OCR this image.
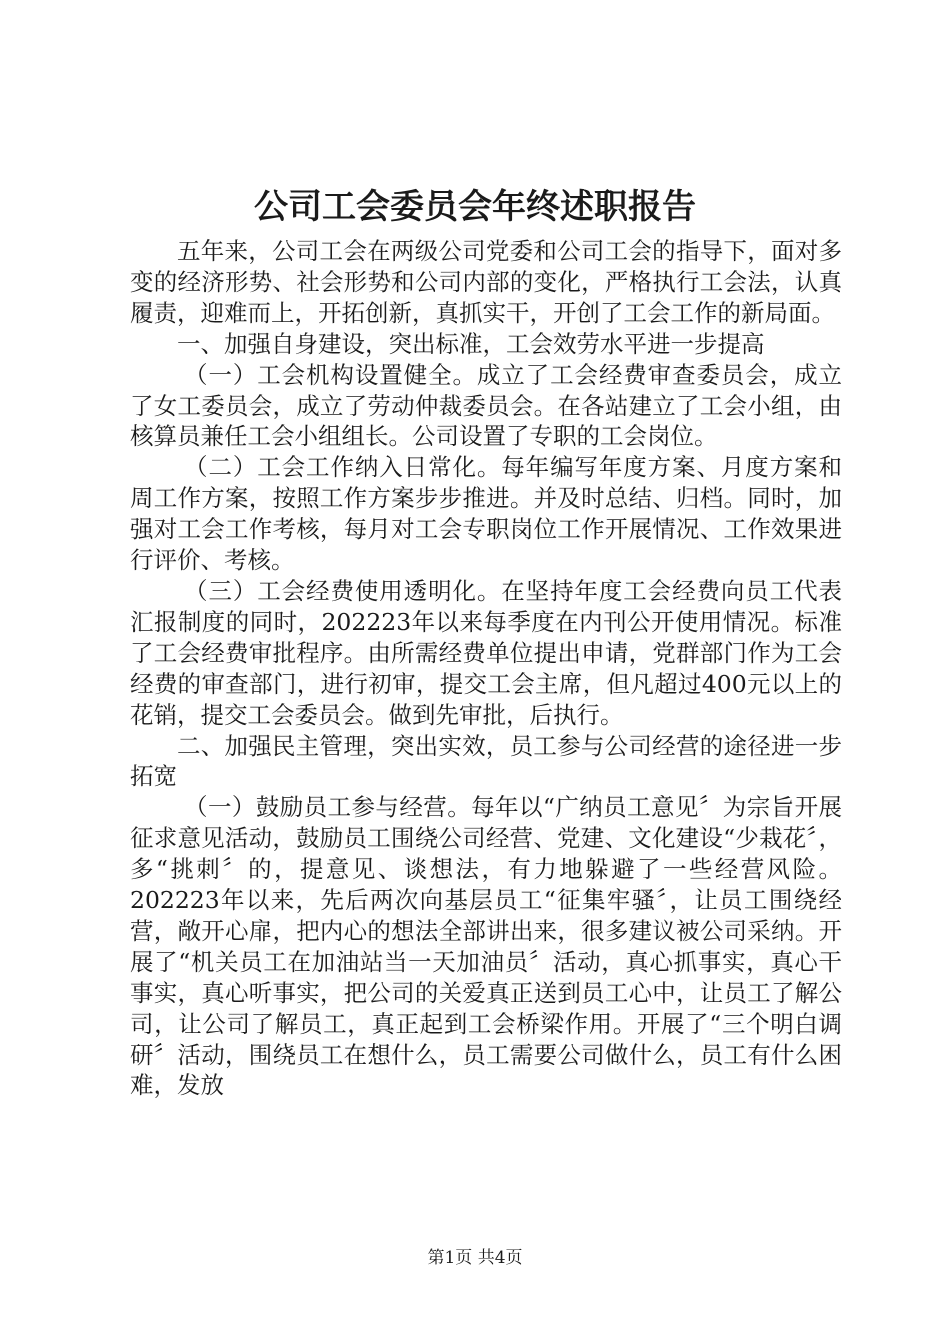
公司工会委员会年终述职报告

五年来，公司工会在两级公司党委和公司工会的指导下，面对多变的经济形势、社会形势和公司内部的变化，严格执行工会法，认真履责，迎难而上，开拓创新，真抓实干，开创了工会工作的新局面。

一、加强自身建设，突出标准，工会效劳水平进一步提高

（一）工会机构设置健全。成立了工会经费审查委员会，成立了女工委员会，成立了劳动仲裁委员会。在各站建立了工会小组，由核算员兼任工会小组组长。公司设置了专职的工会岗位。

（二）工会工作纳入日常化。每年编写年度方案、月度方案和周工作方案，按照工作方案步步推进。并及时总结、归档。同时，加强对工会工作考核，每月对工会专职岗位工作开展情况、工作效果进行评价、考核。

（三）工会经费使用透明化。在坚持年度工会经费向员工代表汇报制度的同时，202223年以来每季度在内刊公开使用情况。标准了工会经费审批程序。由所需经费单位提出申请，党群部门作为工会经费的审查部门，进行初审，提交工会主席，但凡超过400元以上的花销，提交工会委员会。做到先审批，后执行。

二、加强民主管理，突出实效，员工参与公司经营的途径进一步拓宽

（一）鼓励员工参与经营。每年以“广纳员工意见〞为宗旨开展征求意见活动，鼓励员工围绕公司经营、党建、文化建设“少栽花〞，多“挑刺〞的，提意见、谈想法，有力地躲避了一些经营风险。202223年以来，先后两次向基层员工“征集牢骚〞，让员工围绕经营，敞开心扉，把内心的想法全部讲出来，很多建议被公司采纳。开展了“机关员工在加油站当一天加油员〞活动，真心抓事实，真心干事实，真心听事实，把公司的关爱真正送到员工心中，让员工了解公司，让公司了解员工，真正起到工会桥梁作用。开展了“三个明白调研〞活动，围绕员工在想什么，员工需要公司做什么，员工有什么困难，发放

第1页 共4页
